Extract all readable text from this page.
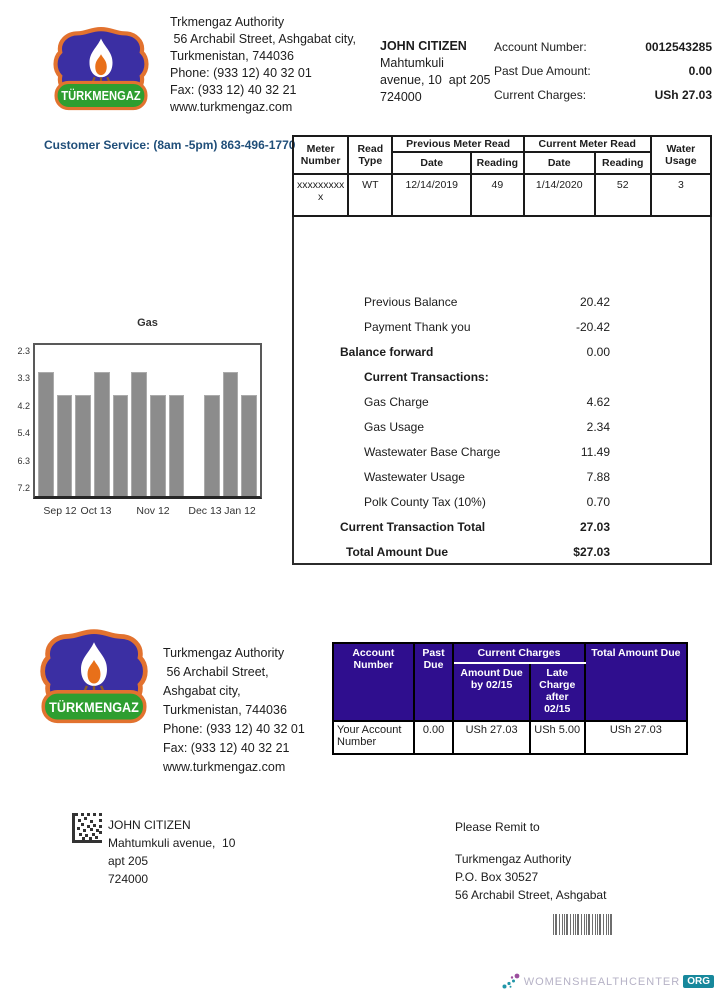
TÜRKMENGAZ
Trkmengaz Authority
56 Archabil Street, Ashgabat city,
Turkmenistan, 744036
Phone: (933 12) 40 32 01
Fax: (933 12) 40 32 21
www.turkmengaz.com
JOHN CITIZEN
Mahtumkuli
avenue, 10  apt 205
724000
Account Number:	0012543285
Past Due Amount:	0.00
Current Charges:	USh 27.03
Customer Service: (8am -5pm) 863-496-1770 Meter Number	Read Type	Previous Meter Read		Current Meter Read		Water Usage
		Date	Reading	Date	Reading	
xxxxxxxxx x	WT	12/14/2019	49	1/14/2020	52	3
Previous Balance	20.42
Payment Thank you	-20.42
Balance forward	0.00
Current Transactions:
Gas Charge	4.62
Gas Usage	2.34
Wastewater Base Charge	11.49
Wastewater Usage	7.88
Polk County Tax (10%)	0.70
Current Transaction Total	27.03
Total Amount Due	$27.03
Gas
2.3
3.3
4.2
5.4
6.3
7.2
Sep 12 Oct 13 Nov 12 Dec 13 Jan 12
TÜRKMENGAZ
Turkmengaz Authority
56 Archabil Street,
Ashgabat city,
Turkmenistan, 744036
Phone: (933 12) 40 32 01
Fax: (933 12) 40 32 21
www.turkmengaz.com
Account Number	Past Due	Current Charges		Total Amount Due
		Amount Due by 02/15	Late Charge after 02/15	
Your Account Number	0.00	USh 27.03	USh 5.00	USh 27.03
JOHN CITIZEN
Mahtumkuli avenue,  10
apt 205
724000
Please Remit to
Turkmengaz Authority
P.O. Box 30527
56 Archabil Street, Ashgabat
WOMENSHEALTHCENTER ORG
